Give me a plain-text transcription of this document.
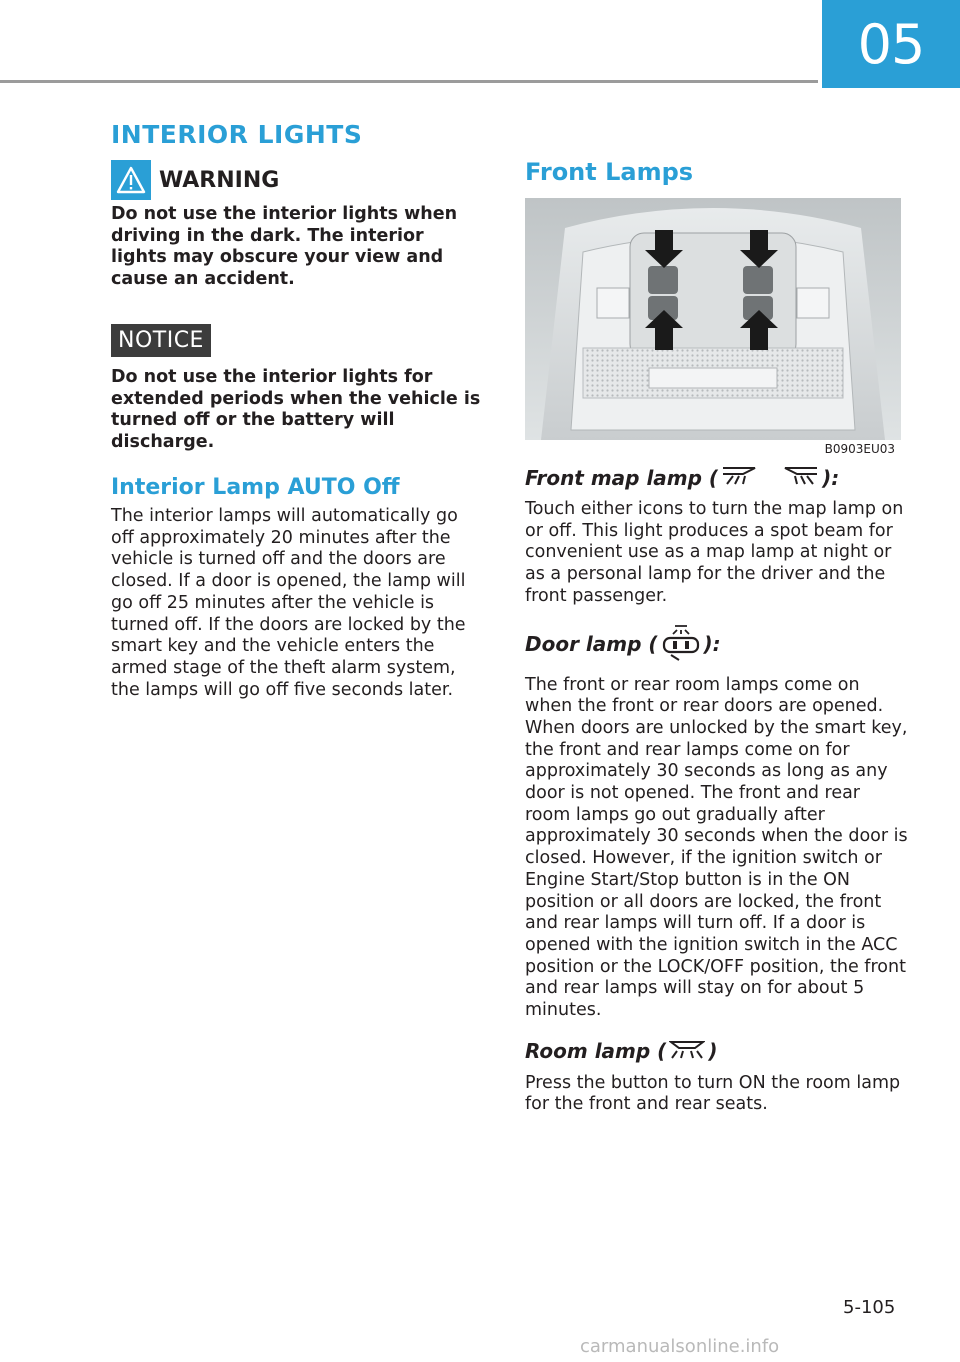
05
INTERIOR LIGHTS
WARNING

Do not use the interior lights when driving in the dark. The interior lights may obscure your view and cause an accident.

NOTICE

Do not use the interior lights for extended periods when the vehicle is turned off or the battery will discharge.

Interior Lamp AUTO Off

The interior lamps will automatically go off approximately 20 minutes after the vehicle is turned off and the doors are closed. If a door is opened, the lamp will go off 25 minutes after the vehicle is turned off. If the doors are locked by the smart key and the vehicle enters the armed stage of the theft alarm system, the lamps will go off five seconds later.

Front Lamps
B0903EU03
Front map lamp (	):

Touch either icons to turn the map lamp on or off. This light produces a spot beam for convenient use as a map lamp at night or as a personal lamp for the driver and the front passenger.

Door lamp ( ):

The front or rear room lamps come on when the front or rear doors are opened. When doors are unlocked by the smart key, the front and rear lamps come on for approximately 30 seconds as long as any door is not opened. The front and rear room lamps go out gradually after approximately 30 seconds when the door is closed. However, if the ignition switch or Engine Start/Stop button is in the ON position or all doors are locked, the front and rear lamps will turn off. If a door is opened with the ignition switch in the ACC position or the LOCK/OFF position, the front and rear lamps will stay on for about 5 minutes.

Room lamp ( )

Press the button to turn ON the room lamp for the front and rear seats.

5-105
carmanualsonline.info
